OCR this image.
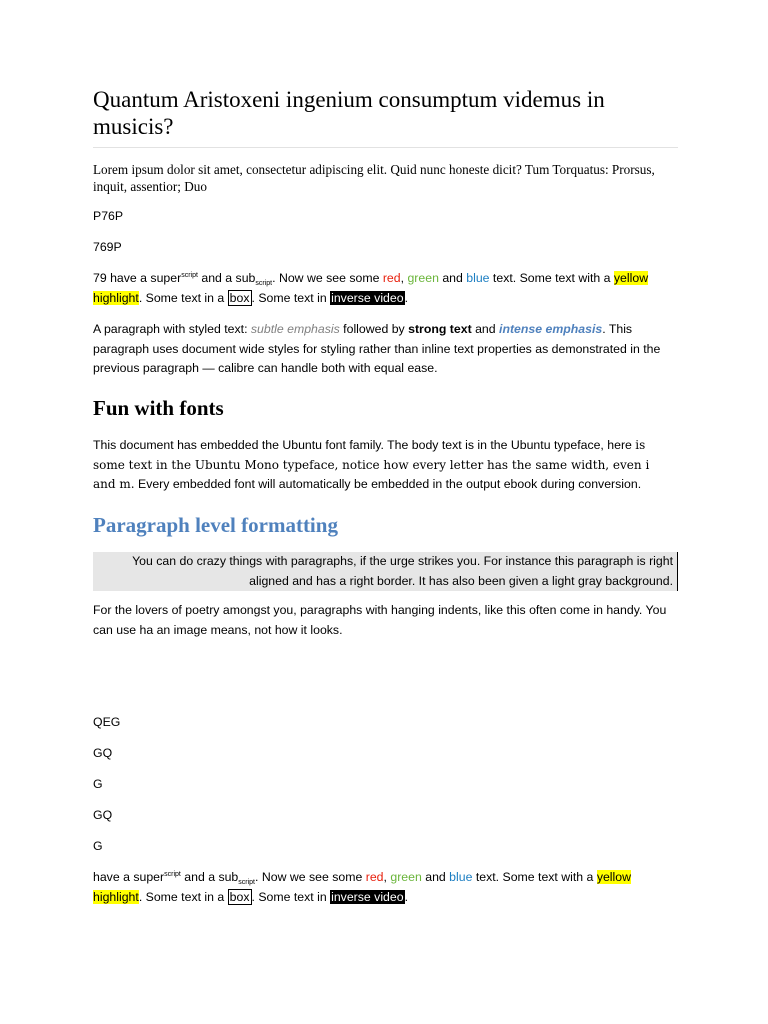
Quantum Aristoxeni ingenium consumptum videmus in musicis?
Lorem ipsum dolor sit amet, consectetur adipiscing elit. Quid nunc honeste dicit? Tum Torquatus: Prorsus, inquit, assentior; Duo
P76P
769P
79 have a super$^{script}$ and a sub$_{script}$. Now we see some red, green and blue text. Some text with a yellow highlight. Some text in a box . Some text in inverse video.
A paragraph with styled text: subtle emphasis followed by strong text and intense emphasis. This paragraph uses document wide styles for styling rather than inline text properties as demonstrated in the previous paragraph — calibre can handle both with equal ease.
Fun with fonts
This document has embedded the Ubuntu font family. The body text is in the Ubuntu typeface, here is some text in the Ubuntu Mono typeface, notice how every letter has the same width, even i and m. Every embedded font will automatically be embedded in the output ebook during conversion.
Paragraph level formatting
You can do crazy things with paragraphs, if the urge strikes you. For instance this paragraph is right aligned and has a right border. It has also been given a light gray background.
For the lovers of poetry amongst you, paragraphs with hanging indents, like this often come in handy. You can use ha an image means, not how it looks.
QEG
GQ
G
GQ
G
have a super$^{script}$ and a sub$_{script}$. Now we see some red, green and blue text. Some text with a yellow highlight. Some text in a box . Some text in inverse video.
